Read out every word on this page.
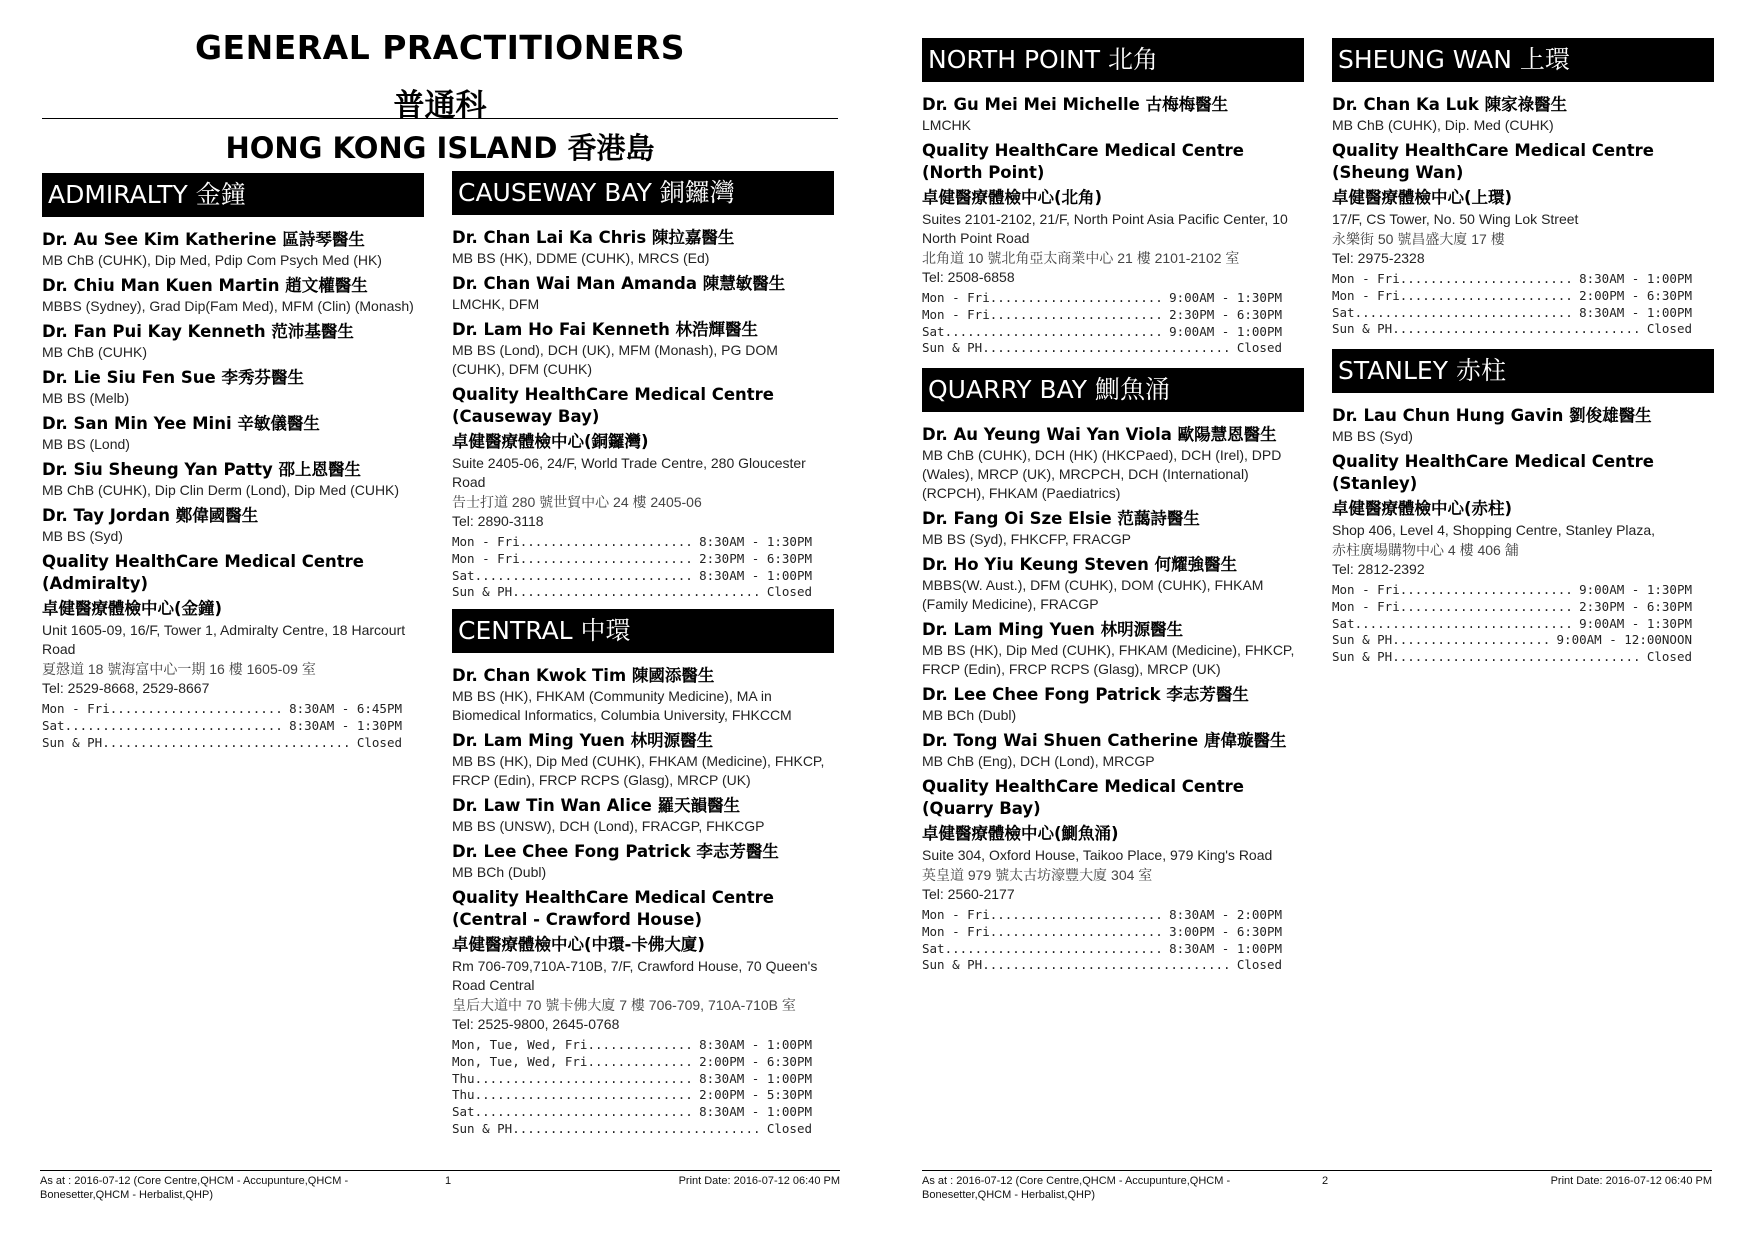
GENERAL PRACTITIONERS
普通科
HONG KONG ISLAND 香港島
ADMIRALTY 金鐘
Dr. Au See Kim Katherine 區詩琴醫生
MB ChB (CUHK), Dip Med, Pdip Com Psych Med (HK)
Dr. Chiu Man Kuen Martin 趙文權醫生
MBBS (Sydney), Grad Dip(Fam Med), MFM (Clin) (Monash)
Dr. Fan Pui Kay Kenneth 范沛基醫生
MB ChB (CUHK)
Dr. Lie Siu Fen Sue 李秀芬醫生
MB BS (Melb)
Dr. San Min Yee Mini 辛敏儀醫生
MB BS (Lond)
Dr. Siu Sheung Yan Patty 邵上恩醫生
MB ChB (CUHK), Dip Clin Derm (Lond), Dip Med (CUHK)
Dr. Tay Jordan 鄭偉國醫生
MB BS (Syd)
Quality HealthCare Medical Centre (Admiralty)
卓健醫療體檢中心(金鐘)
Unit 1605-09, 16/F, Tower 1, Admiralty Centre, 18 Harcourt Road
夏慤道 18 號海富中心一期 16 樓 1605-09 室
Tel: 2529-8668, 2529-8667
Mon - Fri .....	8:30AM - 6:45PM
Sat .....	8:30AM - 1:30PM
Sun & PH .....	Closed
CAUSEWAY BAY 銅鑼灣
Dr. Chan Lai Ka Chris 陳拉嘉醫生
MB BS (HK), DDME (CUHK), MRCS (Ed)
Dr. Chan Wai Man Amanda 陳慧敏醫生
LMCHK, DFM
Dr. Lam Ho Fai Kenneth 林浩輝醫生
MB BS (Lond), DCH (UK), MFM (Monash), PG DOM (CUHK), DFM (CUHK)
Quality HealthCare Medical Centre (Causeway Bay)
卓健醫療體檢中心(銅鑼灣)
Suite 2405-06, 24/F, World Trade Centre, 280 Gloucester Road
告士打道 280 號世貿中心 24 樓 2405-06
Tel: 2890-3118
Mon - Fri .....	8:30AM - 1:30PM
Mon - Fri .....	2:30PM - 6:30PM
Sat .....	8:30AM - 1:00PM
Sun & PH .....	Closed
CENTRAL 中環
Dr. Chan Kwok Tim 陳國添醫生
MB BS (HK), FHKAM (Community Medicine), MA in Biomedical Informatics, Columbia University, FHKCCM
Dr. Lam Ming Yuen 林明源醫生
MB BS (HK), Dip Med (CUHK), FHKAM (Medicine), FHKCP, FRCP (Edin), FRCP RCPS (Glasg), MRCP (UK)
Dr. Law Tin Wan Alice 羅天韻醫生
MB BS (UNSW), DCH (Lond), FRACGP, FHKCGP
Dr. Lee Chee Fong Patrick 李志芳醫生
MB BCh (Dubl)
Quality HealthCare Medical Centre (Central - Crawford House)
卓健醫療體檢中心(中環-卡佛大廈)
Rm 706-709,710A-710B, 7/F, Crawford House, 70 Queen's Road Central
皇后大道中 70 號卡佛大廈 7 樓 706-709, 710A-710B 室
Tel: 2525-9800, 2645-0768
Mon, Tue, Wed, Fri .....	8:30AM - 1:00PM
Mon, Tue, Wed, Fri .....	2:00PM - 6:30PM
Thu .....	8:30AM - 1:00PM
Thu .....	2:00PM - 5:30PM
Sat .....	8:30AM - 1:00PM
Sun & PH .....	Closed
NORTH POINT 北角
Dr. Gu Mei Mei Michelle 古梅梅醫生
LMCHK
Quality HealthCare Medical Centre (North Point)
卓健醫療體檢中心(北角)
Suites 2101-2102, 21/F, North Point Asia Pacific Center, 10 North Point Road
北角道 10 號北角亞太商業中心 21 樓 2101-2102 室
Tel: 2508-6858
Mon - Fri .....	9:00AM - 1:30PM
Mon - Fri .....	2:30PM - 6:30PM
Sat .....	9:00AM - 1:00PM
Sun & PH .....	Closed
QUARRY BAY 鰂魚涌
Dr. Au Yeung Wai Yan Viola 歐陽慧恩醫生
MB ChB (CUHK), DCH (HK) (HKCPaed), DCH (Irel), DPD (Wales), MRCP (UK), MRCPCH, DCH (International) (RCPCH), FHKAM (Paediatrics)
Dr. Fang Oi Sze Elsie 范藹詩醫生
MB BS (Syd), FHKCFP, FRACGP
Dr. Ho Yiu Keung Steven 何耀強醫生
MBBS(W. Aust.), DFM (CUHK), DOM (CUHK), FHKAM (Family Medicine), FRACGP
Dr. Lam Ming Yuen 林明源醫生
MB BS (HK), Dip Med (CUHK), FHKAM (Medicine), FHKCP, FRCP (Edin), FRCP RCPS (Glasg), MRCP (UK)
Dr. Lee Chee Fong Patrick 李志芳醫生
MB BCh (Dubl)
Dr. Tong Wai Shuen Catherine 唐偉璇醫生
MB ChB (Eng), DCH (Lond), MRCGP
Quality HealthCare Medical Centre (Quarry Bay)
卓健醫療體檢中心(鰂魚涌)
Suite 304, Oxford House, Taikoo Place, 979 King's Road
英皇道 979 號太古坊濠豐大廈 304 室
Tel: 2560-2177
Mon - Fri .....	8:30AM - 2:00PM
Mon - Fri .....	3:00PM - 6:30PM
Sat .....	8:30AM - 1:00PM
Sun & PH .....	Closed
SHEUNG WAN 上環
Dr. Chan Ka Luk 陳家祿醫生
MB ChB (CUHK), Dip. Med (CUHK)
Quality HealthCare Medical Centre (Sheung Wan)
卓健醫療體檢中心(上環)
17/F, CS Tower, No. 50 Wing Lok Street
永樂街 50 號昌盛大廈 17 樓
Tel: 2975-2328
Mon - Fri .....	8:30AM - 1:00PM
Mon - Fri .....	2:00PM - 6:30PM
Sat .....	8:30AM - 1:00PM
Sun & PH .....	Closed
STANLEY 赤柱
Dr. Lau Chun Hung Gavin 劉俊雄醫生
MB BS (Syd)
Quality HealthCare Medical Centre (Stanley)
卓健醫療體檢中心(赤柱)
Shop 406, Level 4, Shopping Centre, Stanley Plaza,
赤柱廣場購物中心 4 樓 406 舖
Tel: 2812-2392
Mon - Fri .....	9:00AM - 1:30PM
Mon - Fri .....	2:30PM - 6:30PM
Sat .....	9:00AM - 1:30PM
Sun & PH .....	9:00AM - 12:00NOON
Sun & PH .....	Closed
As at : 2016-07-12 (Core Centre,QHCM - Accupunture,QHCM - Bonesetter,QHCM - Herbalist,QHP)
1	Print Date: 2016-07-12 06:40 PM	As at : 2016-07-12 (Core Centre,QHCM - Accupunture,QHCM - Bonesetter,QHCM - Herbalist,QHP)
2	Print Date: 2016-07-12 06:40 PM
